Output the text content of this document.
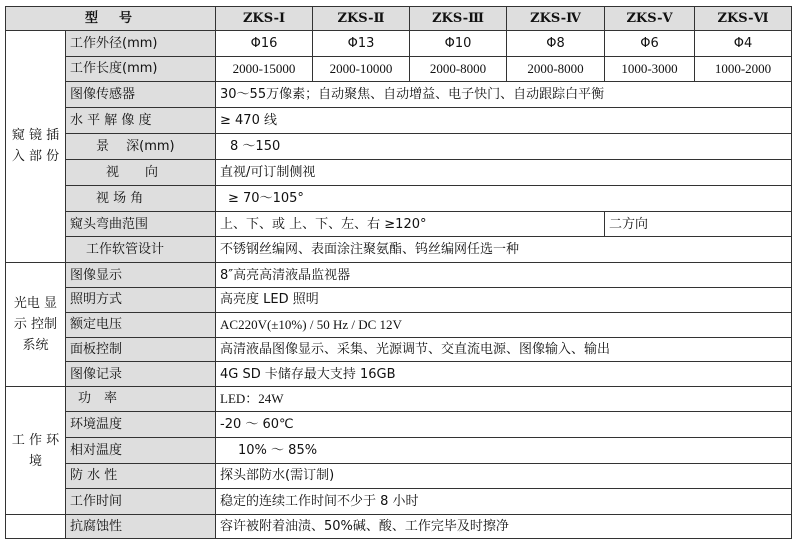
型　号		ZKS-Ⅰ	ZKS-Ⅱ	ZKS-Ⅲ	ZKS-Ⅳ	ZKS-Ⅴ	ZKS-Ⅵ
窥 镜 插 入 部 份	工作外径(mm)	Φ16	Φ13	Φ10	Φ8	Φ6	Φ4
	工作长度(mm)	2000-15000	2000-10000	2000-8000	2000-8000	1000-3000	1000-2000
	图像传感器	30～55万像素；自动聚焦、自动增益、电子快门、自动跟踪白平衡					
	水 平 解 像 度	≥ 470 线					
	景　 深(mm)	8 ～150					
	视　　向	直视/可订制侧视					
	视 场 角	≥ 70～105°					
	窥头弯曲范围	上、下、或 上、下、左、右 ≥120°				二方向	
	工作软管设计	不锈钢丝编网、表面涂注聚氨酯、钨丝编网任选一种					
光电 显示 控制 系统	图像显示	8″高亮高清液晶监视器					
	照明方式	高亮度 LED 照明					
	额定电压	AC220V(±10%) / 50 Hz / DC 12V					
	面板控制	高清液晶图像显示、采集、光源调节、交直流电源、图像输入、输出					
	图像记录	4G SD 卡储存最大支持 16GB					
工 作 环 境	功　率	LED：24W					
	环境温度	-20 ～ 60℃					
	相对温度	10% ～ 85%					
	防 水 性	探头部防水(需订制)					
	工作时间	稳定的连续工作时间不少于 8 小时					
	抗腐蚀性	容许被附着油渍、50%碱、酸、工作完毕及时擦净					
